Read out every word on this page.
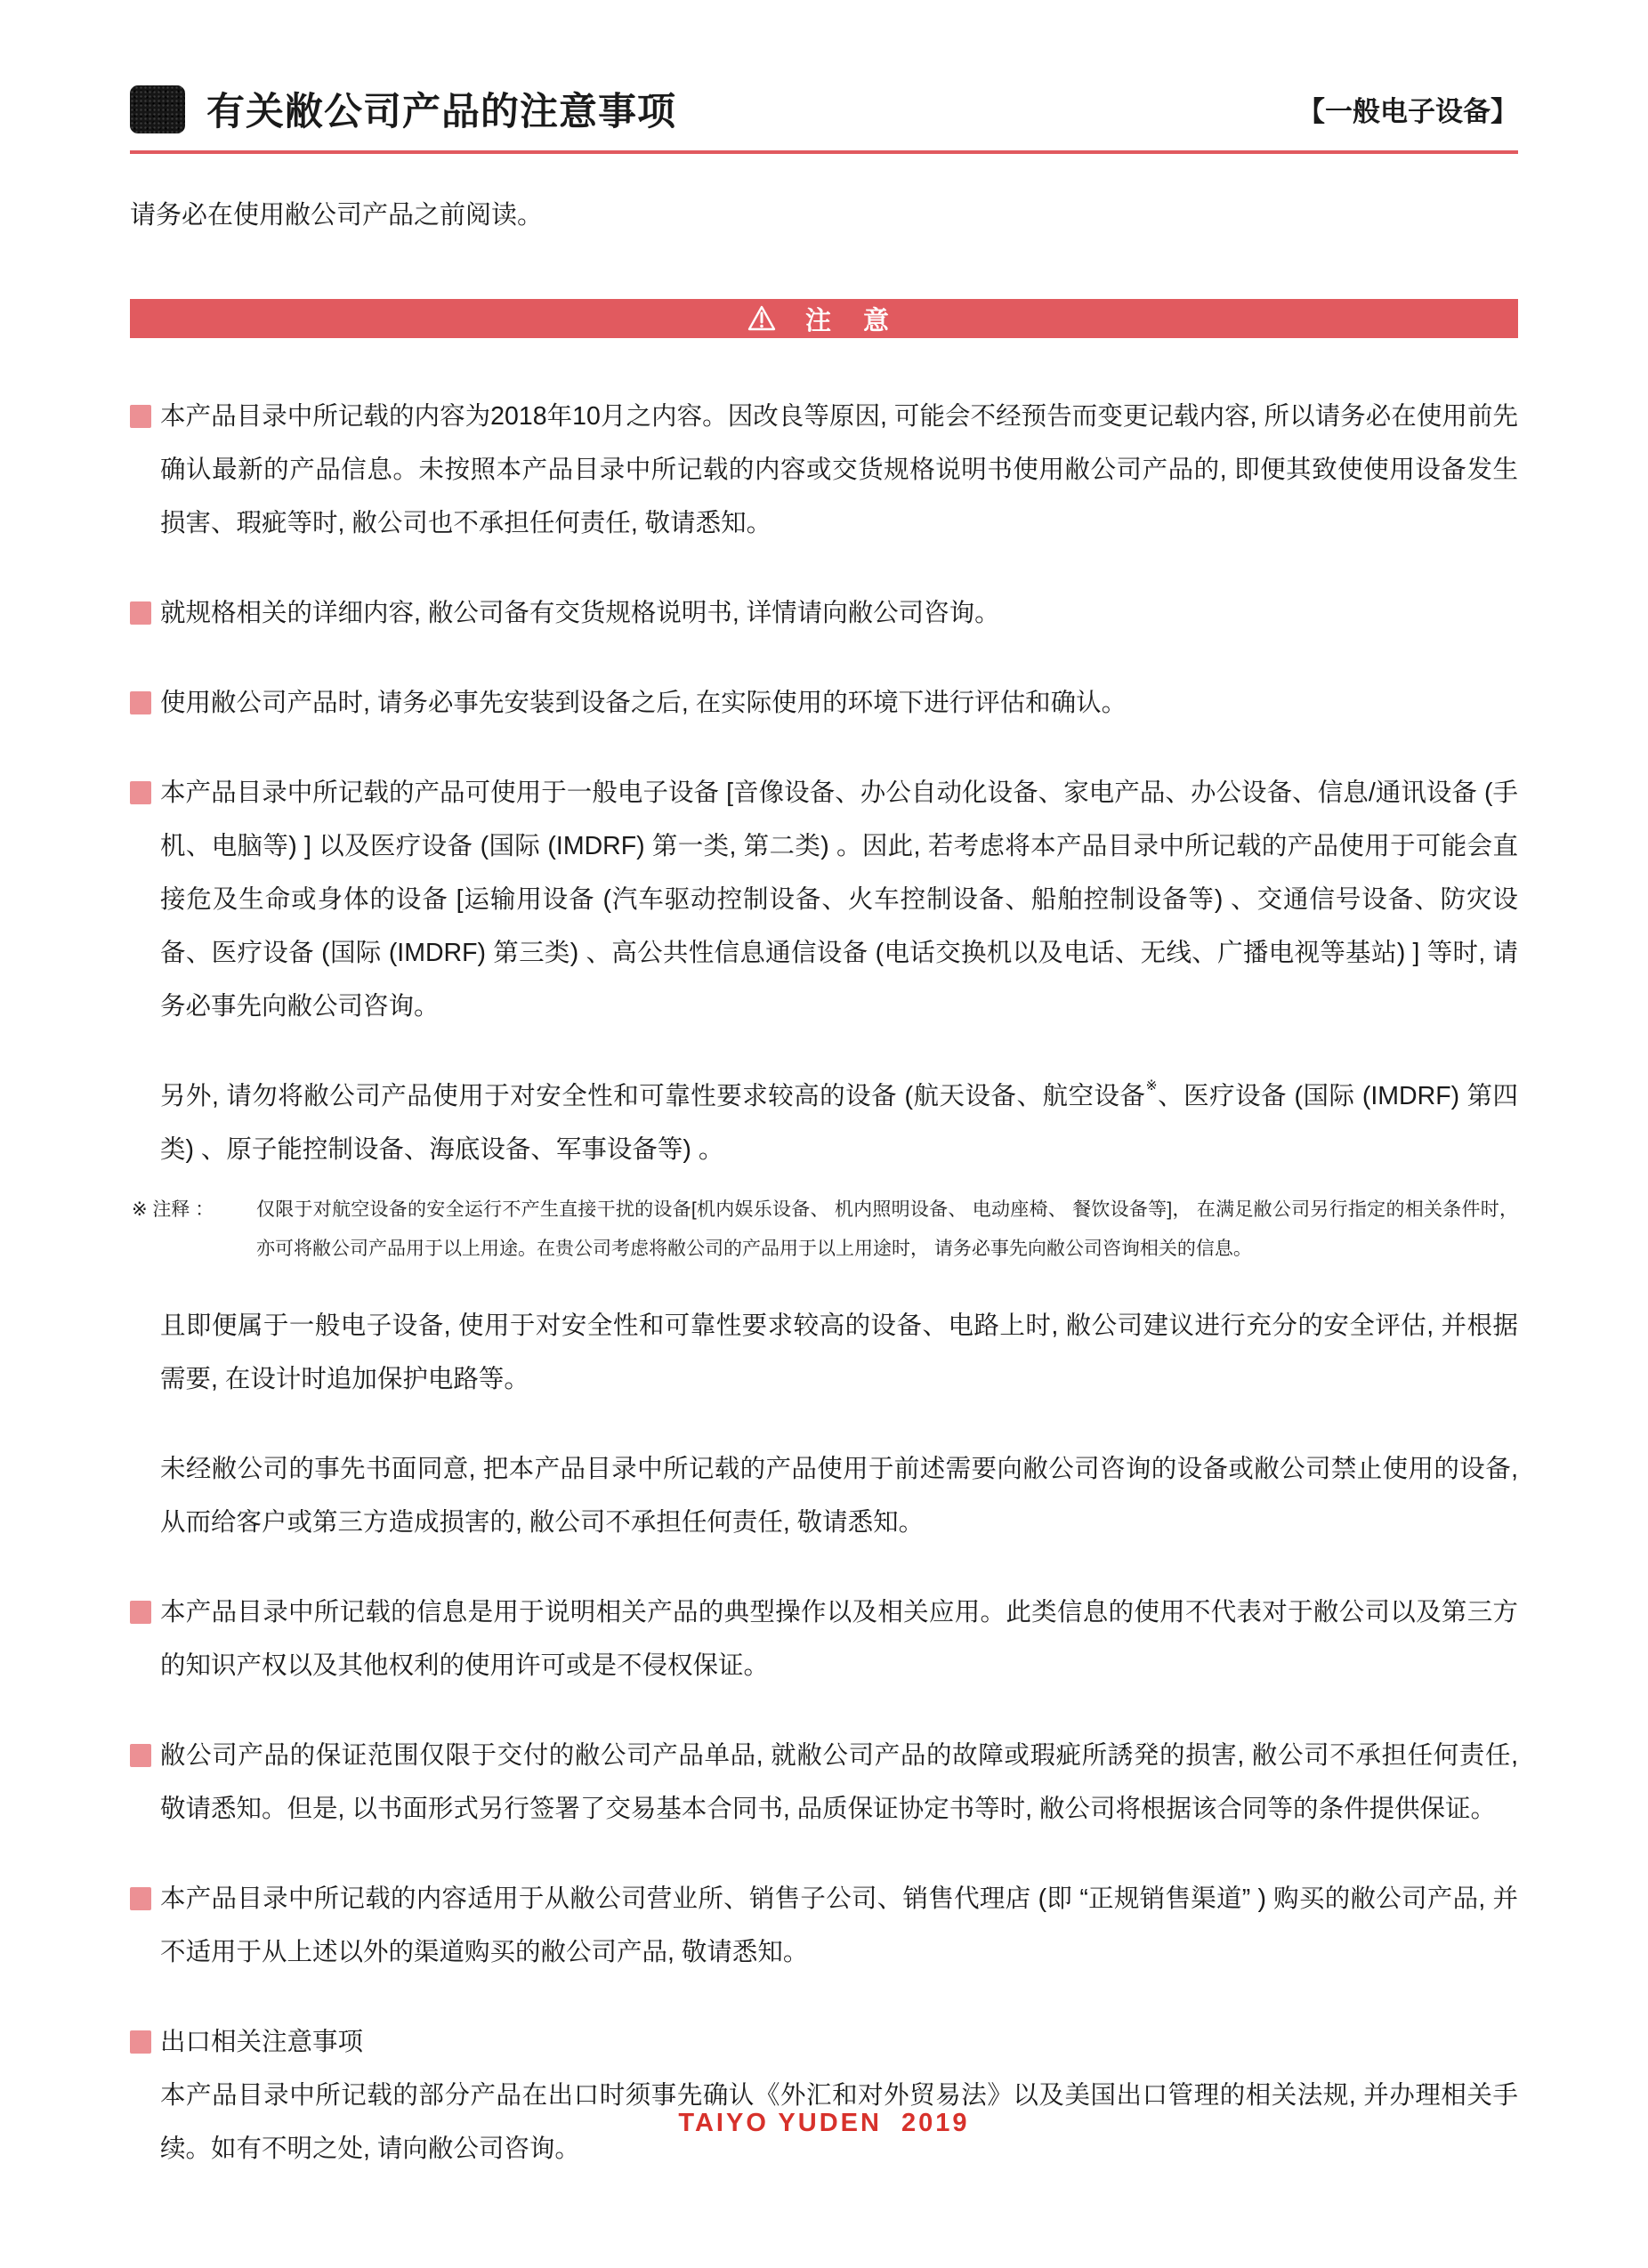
有关敝公司产品的注意事项	【一般电子设备】
请务必在使用敝公司产品之前阅读。
注 意
本产品目录中所记载的内容为2018年10月之内容。因改良等原因, 可能会不经预告而变更记载内容, 所以请务必在使用前先确认最新的产品信息。未按照本产品目录中所记载的内容或交货规格说明书使用敝公司产品的, 即便其致使使用设备发生损害、瑕疵等时, 敝公司也不承担任何责任, 敬请悉知。
就规格相关的详细内容, 敝公司备有交货规格说明书, 详情请向敝公司咨询。
使用敝公司产品时, 请务必事先安装到设备之后, 在实际使用的环境下进行评估和确认。
本产品目录中所记载的产品可使用于一般电子设备 [音像设备、办公自动化设备、家电产品、办公设备、信息/通讯设备 (手机、电脑等) ] 以及医疗设备 (国际 (IMDRF) 第一类, 第二类) 。因此, 若考虑将本产品目录中所记载的产品使用于可能会直接危及生命或身体的设备 [运输用设备 (汽车驱动控制设备、火车控制设备、船舶控制设备等) 、交通信号设备、防灾设备、医疗设备 (国际 (IMDRF) 第三类) 、高公共性信息通信设备 (电话交换机以及电话、无线、广播电视等基站) ] 等时, 请务必事先向敝公司咨询。
另外, 请勿将敝公司产品使用于对安全性和可靠性要求较高的设备 (航天设备、航空设备※、医疗设备 (国际 (IMDRF) 第四类) 、原子能控制设备、海底设备、军事设备等) 。
※ 注释 ： 仅限于对航空设备的安全运行不产生直接干扰的设备[机内娱乐设备、 机内照明设备、 电动座椅、 餐饮设备等]， 在满足敝公司另行指定的相关条件时， 亦可将敝公司产品用于以上用途。在贵公司考虑将敝公司的产品用于以上用途时， 请务必事先向敝公司咨询相关的信息。
且即便属于一般电子设备, 使用于对安全性和可靠性要求较高的设备、电路上时, 敝公司建议进行充分的安全评估, 并根据需要, 在设计时追加保护电路等。
未经敝公司的事先书面同意, 把本产品目录中所记载的产品使用于前述需要向敝公司咨询的设备或敝公司禁止使用的设备, 从而给客户或第三方造成损害的, 敝公司不承担任何责任, 敬请悉知。
本产品目录中所记载的信息是用于说明相关产品的典型操作以及相关应用。此类信息的使用不代表对于敝公司以及第三方的知识产权以及其他权利的使用许可或是不侵权保证。
敝公司产品的保证范围仅限于交付的敝公司产品单品, 就敝公司产品的故障或瑕疵所誘発的损害, 敝公司不承担任何责任, 敬请悉知。但是, 以书面形式另行签署了交易基本合同书, 品质保证协定书等时, 敝公司将根据该合同等的条件提供保证。
本产品目录中所记载的内容适用于从敝公司营业所、销售子公司、销售代理店 (即 “正规销售渠道” ) 购买的敝公司产品, 并不适用于从上述以外的渠道购买的敝公司产品, 敬请悉知。
出口相关注意事项
本产品目录中所记载的部分产品在出口时须事先确认《外汇和对外贸易法》以及美国出口管理的相关法规, 并办理相关手续。如有不明之处, 请向敝公司咨询。
TAIYO YUDEN  2019
